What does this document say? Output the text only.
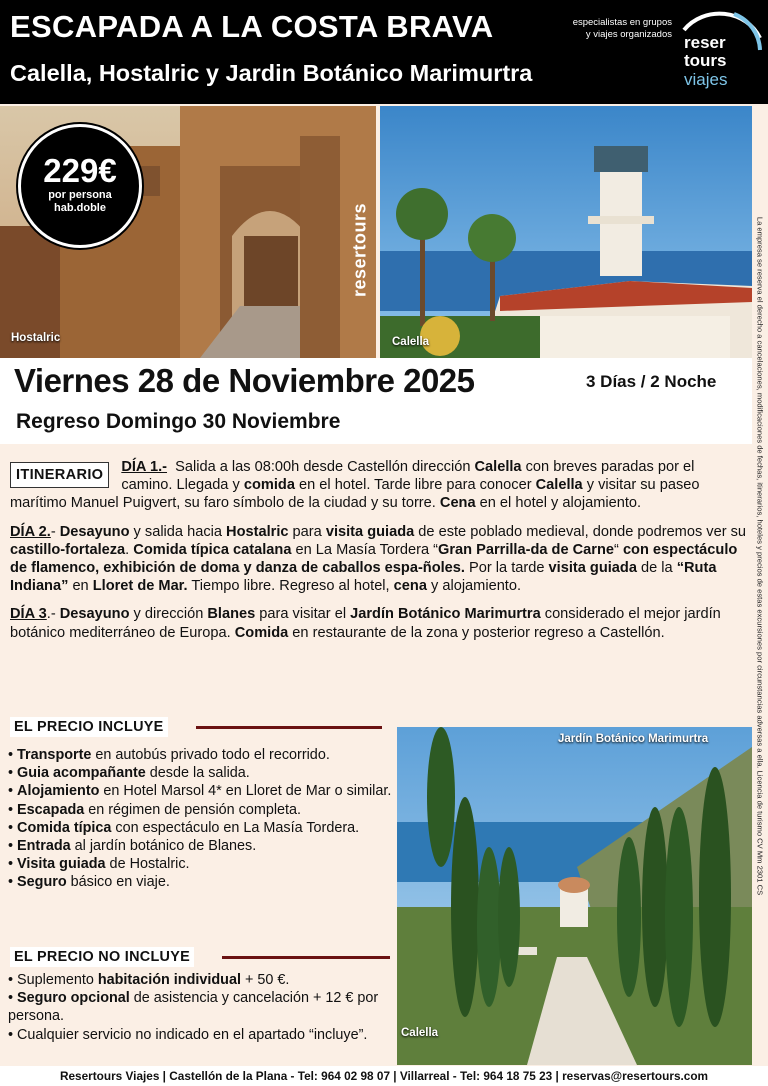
ESCAPADA A LA COSTA BRAVA
Calella, Hostalric y Jardin Botánico Marimurtra
especialistas en grupos
y viajes organizados reser
tours
viajes
Hostalric
229€
por persona
hab.doble	resertours
Calella	La empresa se reserva el derecho a cancelaciones, modificaciones de fechas, itinerarios, hoteles y precios de estas excursiones por circunstancias adversas a ella. Licencia de turismo CV Mm 2301 CS
Viernes 28 de Noviembre 2025	3 Días / 2 Noche
Regreso Domingo 30 Noviembre

ITINERARIO	DÍA 1.- Salida a las 08:00h desde Castellón dirección Calella con breves paradas por el camino. Llegada y comida en el hotel. Tarde libre para conocer Calella y visitar su paseo marítimo Manuel Puigvert, su faro símbolo de la ciudad y su torre. Cena en el hotel y alojamiento.

DÍA 2.- Desayuno y salida hacia Hostalric para visita guiada de este poblado medieval, donde podremos ver su castillo-fortaleza. Comida típica catalana en La Masía Tordera “Gran Parrilla-da de Carne“ con espectáculo de flamenco, exhibición de doma y danza de caballos espa-ñoles. Por la tarde visita guiada de la “Ruta Indiana” en Lloret de Mar. Tiempo libre. Regreso al hotel, cena y alojamiento.

DÍA 3.- Desayuno y dirección Blanes para visitar el Jardín Botánico Marimurtra considerado el mejor jardín botánico mediterráneo de Europa. Comida en restaurante de la zona y posterior regreso a Castellón.

EL PRECIO INCLUYE
• Transporte en autobús privado todo el recorrido.
• Guia acompañante desde la salida.
• Alojamiento en Hotel Marsol 4* en Lloret de Mar o similar.
• Escapada en régimen de pensión completa.
• Comida típica con espectáculo en La Masía Tordera.
• Entrada al jardín botánico de Blanes.
• Visita guiada de Hostalric.
• Seguro básico en viaje.
EL PRECIO NO INCLUYE
• Suplemento habitación individual + 50 €.
• Seguro opcional de asistencia y cancelación + 12 € por persona.
• Cualquier servicio no indicado en el apartado “incluye”.	Calella
Jardín Botánico Marimurtra
Resertours Viajes | Castellón de la Plana - Tel: 964 02 98 07 | Villarreal - Tel: 964 18 75 23 | reservas@resertours.com
